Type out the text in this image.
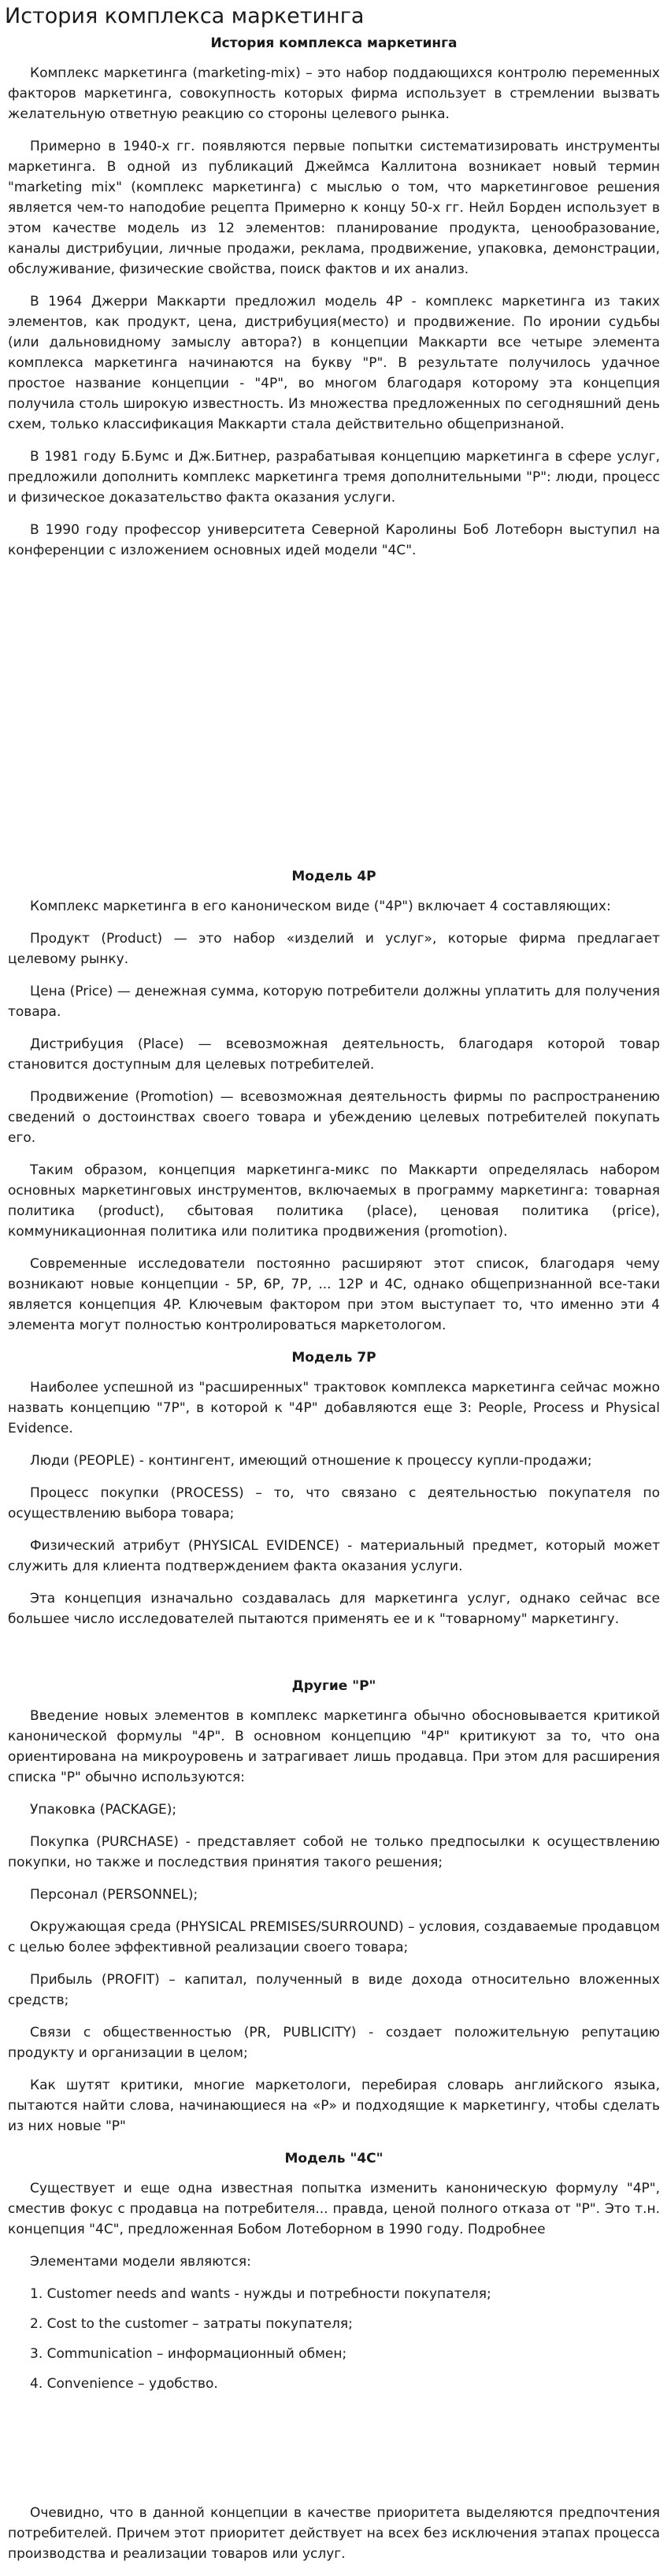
История комплекса маркетинга
История комплекса маркетинга

Комплекс маркетинга (marketing-mix) – это набор поддающихся контролю переменных факторов маркетинга, совокупность которых фирма использует в стремлении вызвать желательную ответную реакцию со стороны целевого рынка.

Примерно в 1940-х гг. появляются первые попытки систематизировать инструменты маркетинга. В одной из публикаций Джеймса Каллитона возникает новый термин "marketing mix" (комплекс маркетинга) с мыслью о том, что маркетинговое решения является чем-то наподобие рецепта Примерно к концу 50-х гг. Нейл Борден использует в этом качестве модель из 12 элементов: планирование продукта, ценообразование, каналы дистрибуции, личные продажи, реклама, продвижение, упаковка, демонстрации, обслуживание, физические свойства, поиск фактов и их анализ.

В 1964 Джерри Маккарти предложил модель 4Р - комплекс маркетинга из таких элементов, как продукт, цена, дистрибуция(место) и продвижение. По иронии судьбы (или дальновидному замыслу автора?) в концепции Маккарти все четыре элемента комплекса маркетинга начинаются на букву "Р". В результате получилось удачное простое название концепции - "4Р", во многом благодаря которому эта концепция получила столь широкую известность. Из множества предложенных по сегодняшний день схем, только классификация Маккарти стала действительно общепризнаной.

В 1981 году Б.Бумс и Дж.Битнер, разрабатывая концепцию маркетинга в сфере услуг, предложили дополнить комплекс маркетинга тремя дополнительными "Р": люди, процесс и физическое доказательство факта оказания услуги.

В 1990 году профессор университета Северной Каролины Боб Лотеборн выступил на конференции с изложением основных идей модели "4С".

Модель 4P

Комплекс маркетинга в его каноническом виде ("4P") включает 4 составляющих:

Продукт (Product) — это набор «изделий и услуг», которые фирма предлагает целевому рынку.

Цена (Price) — денежная сумма, которую потребители должны уплатить для получения товара.

Дистрибуция (Place) — всевозможная деятельность, благодаря которой товар становится доступным для целевых потребителей.

Продвижение (Promotion) — всевозможная деятельность фирмы по распространению сведений о достоинствах своего товара и убеждению целевых потребителей покупать его.

Таким образом, концепция маркетинга-микс по Маккарти определялась набором основных маркетинговых инструментов, включаемых в программу маркетинга: товарная политика (product), сбытовая политика (place), ценовая политика (price), коммуникационная политика или политика продвижения (promotion).

Современные исследователи постоянно расширяют этот список, благодаря чему возникают новые концепции - 5P, 6P, 7P, ... 12P и 4C, однако общепризнанной все-таки является концепция 4P. Ключевым фактором при этом выступает то, что именно эти 4 элемента могут полностью контролироваться маркетологом.

Модель 7P

Наиболее успешной из "расширенных" трактовок комплекса маркетинга сейчас можно назвать концепцию "7P", в которой к "4P" добавляются еще 3: People, Process и Physical Evidence.

Люди (PEOPLE) - контингент, имеющий отношение к процессу купли-продажи;

Процесс покупки (PROCESS) – то, что связано с деятельностью покупателя по осуществлению выбора товара;

Физический атрибут (PHYSICAL EVIDENCE) - материальный предмет, который может служить для клиента подтверждением факта оказания услуги.

Эта концепция изначально создавалась для маркетинга услуг, однако сейчас все большее число исследователей пытаются применять ее и к "товарному" маркетингу.

Другие "Р"

Введение новых элементов в комплекс маркетинга обычно обосновывается критикой канонической формулы "4Р". В основном концепцию "4Р" критикуют за то, что она ориентирована на микроуровень и затрагивает лишь продавца. При этом для расширения списка "Р" обычно используются:

Упаковка (PACKAGE);

Покупка (PURCHASE) - представляет собой не только предпосылки к осуществлению покупки, но также и последствия принятия такого решения;

Персонал (PERSONNEL);

Окружающая среда (PHYSICAL PREMISES/SURROUND) – условия, создаваемые продавцом с целью более эффективной реализации своего товара;

Прибыль (PROFIT) – капитал, полученный в виде дохода относительно вложенных средств;

Связи с общественностью (PR, PUBLICITY) - создает положительную репутацию продукту и организации в целом;

Как шутят критики, многие маркетологи, перебирая словарь английского языка, пытаются найти слова, начинающиеся на «Р» и подходящие к маркетингу, чтобы сделать из них новые "Р"

Модель "4С"

Существует и еще одна известная попытка изменить каноническую формулу "4P", сместив фокус с продавца на потребителя... правда, ценой полного отказа от "Р". Это т.н. концепция "4С", предложенная Бобом Лотеборном в 1990 году. Подробнее

Элементами модели являются:

1. Customer needs and wants - нужды и потребности покупателя;
2. Cost to the customer – затраты покупателя;
3. Communication – информационный обмен;
4. Convenience – удобство.

Очевидно, что в данной концепции в качестве приоритета выделяются предпочтения потребителей. Причем этот приоритет действует на всех без исключения этапах процесса производства и реализации товаров или услуг.
